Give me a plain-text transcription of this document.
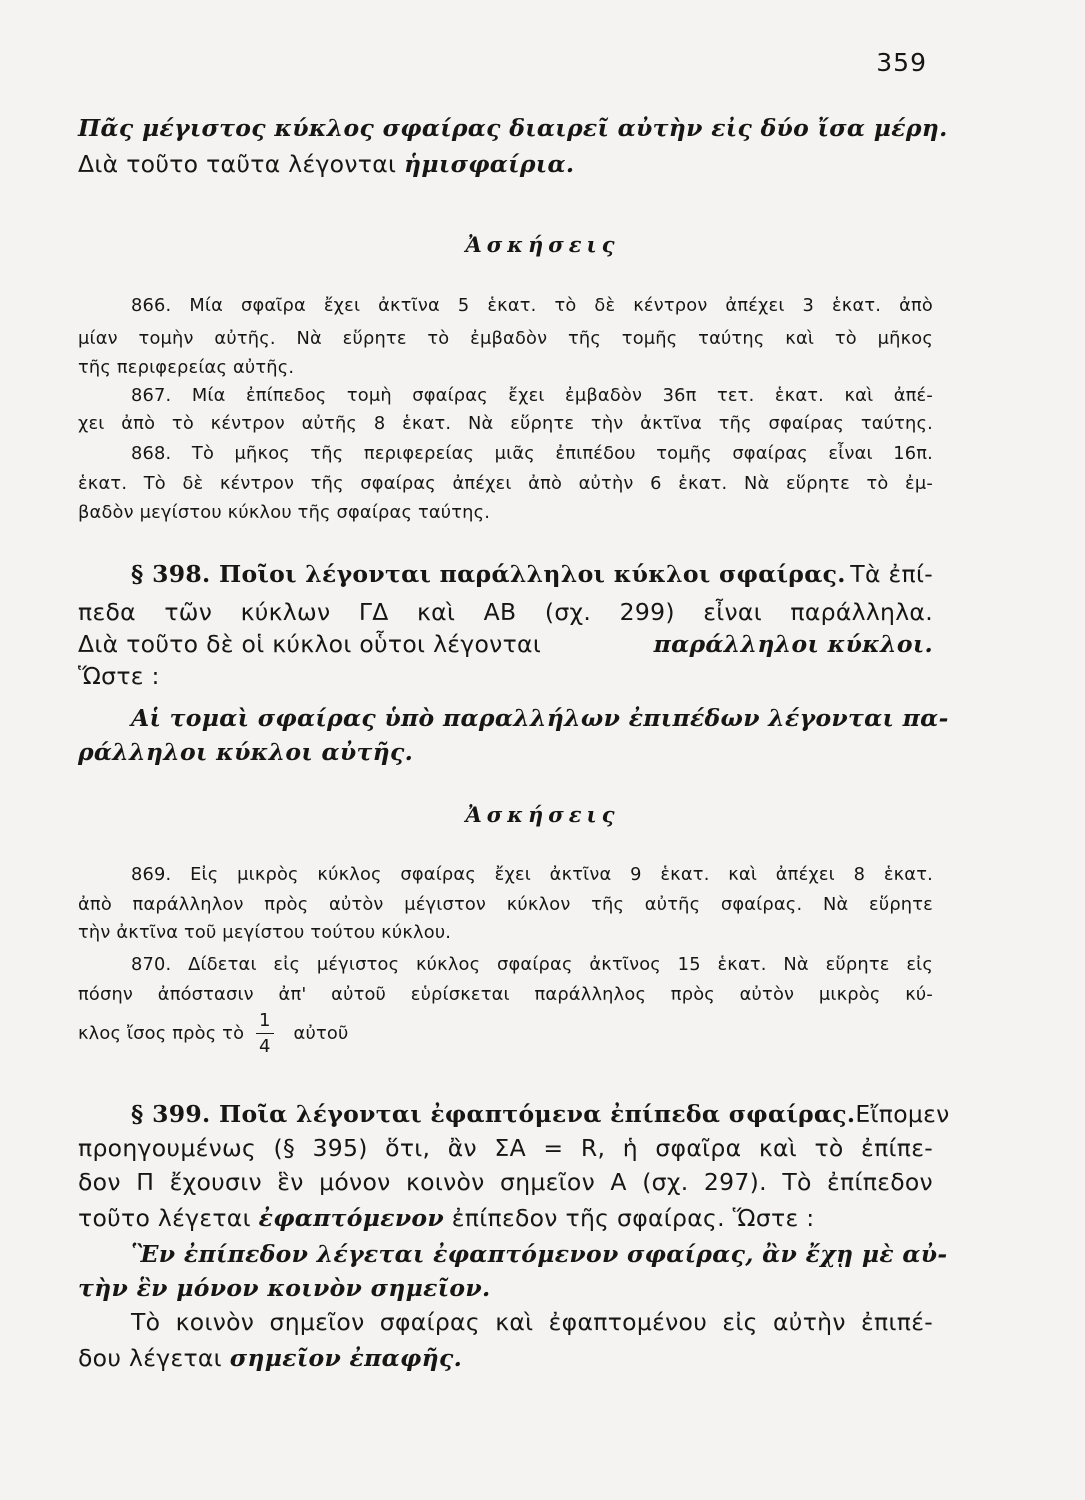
359
Πᾶς μέγιστος κύκλος σφαίρας διαιρεῖ αὐτὴν εἰς δύο ἴσα μέρη.
Διὰ τοῦτο ταῦτα λέγονται ἡμισφαίρια.
Ἀσκήσεις
866. Μία σφαῖρα ἔχει ἀκτῖνα 5 ἑκατ. τὸ δὲ κέντρον ἀπέχει 3 ἑκατ. ἀπὸ
μίαν τομὴν αὐτῆς. Νὰ εὕρητε τὸ ἐμβαδὸν τῆς τομῆς ταύτης καὶ τὸ μῆκος
τῆς περιφερείας αὐτῆς.
867. Μία ἐπίπεδος τομὴ σφαίρας ἔχει ἐμβαδὸν 36π τετ. ἑκατ. καὶ ἀπέ-
χει ἀπὸ τὸ κέντρον αὐτῆς 8 ἑκατ. Νὰ εὕρητε τὴν ἀκτῖνα τῆς σφαίρας ταύτης.
868. Τὸ μῆκος τῆς περιφερείας μιᾶς ἐπιπέδου τομῆς σφαίρας εἶναι 16π.
ἑκατ. Τὸ δὲ κέντρον τῆς σφαίρας ἀπέχει ἀπὸ αὐτὴν 6 ἑκατ. Νὰ εὕρητε τὸ ἐμ-
βαδὸν μεγίστου κύκλου τῆς σφαίρας ταύτης.
§ 398. Ποῖοι λέγονται παράλληλοι κύκλοι σφαίρας. Τὰ ἐπί-
πεδα τῶν κύκλων ΓΔ καὶ ΑΒ (σχ. 299) εἶναι παράλληλα.
Διὰ τοῦτο δὲ οἱ κύκλοι οὗτοι λέγονται	παράλληλοι κύκλοι.
Ὥστε :
Αἱ τομαὶ σφαίρας ὑπὸ παραλλήλων ἐπιπέδων λέγονται πα-
ράλληλοι κύκλοι αὐτῆς.
Ἀσκήσεις
869. Εἰς μικρὸς κύκλος σφαίρας ἔχει ἀκτῖνα 9 ἑκατ. καὶ ἀπέχει 8 ἑκατ.
ἀπὸ παράλληλον πρὸς αὐτὸν μέγιστον κύκλον τῆς αὐτῆς σφαίρας. Νὰ εὕρητε
τὴν ἀκτῖνα τοῦ μεγίστου τούτου κύκλου.
870. Δίδεται εἰς μέγιστος κύκλος σφαίρας ἀκτῖνος 15 ἑκατ. Νὰ εὕρητε εἰς
πόσην ἀπόστασιν ἀπ' αὐτοῦ εὑρίσκεται παράλληλος πρὸς αὐτὸν μικρὸς κύ-
κλος ἴσος πρὸς τὸ $\frac{1}{4}$ αὐτοῦ
§ 399. Ποῖα λέγονται ἐφαπτόμενα ἐπίπεδα σφαίρας. Εἴπομεν
προηγουμένως (§ 395) ὅτι, ἂν ΣΑ = R, ἡ σφαῖρα καὶ τὸ ἐπίπε-
δον Π ἔχουσιν ἓν μόνον κοινὸν σημεῖον Α (σχ. 297). Τὸ ἐπίπεδον
τοῦτο λέγεται ἐφαπτόμενον ἐπίπεδον τῆς σφαίρας. Ὥστε :
Ἓν ἐπίπεδον λέγεται ἐφαπτόμενον σφαίρας, ἂν ἔχῃ μὲ αὐ-
τὴν ἓν μόνον κοινὸν σημεῖον.
Τὸ κοινὸν σημεῖον σφαίρας καὶ ἐφαπτομένου εἰς αὐτὴν ἐπιπέ-
δου λέγεται σημεῖον ἐπαφῆς.
